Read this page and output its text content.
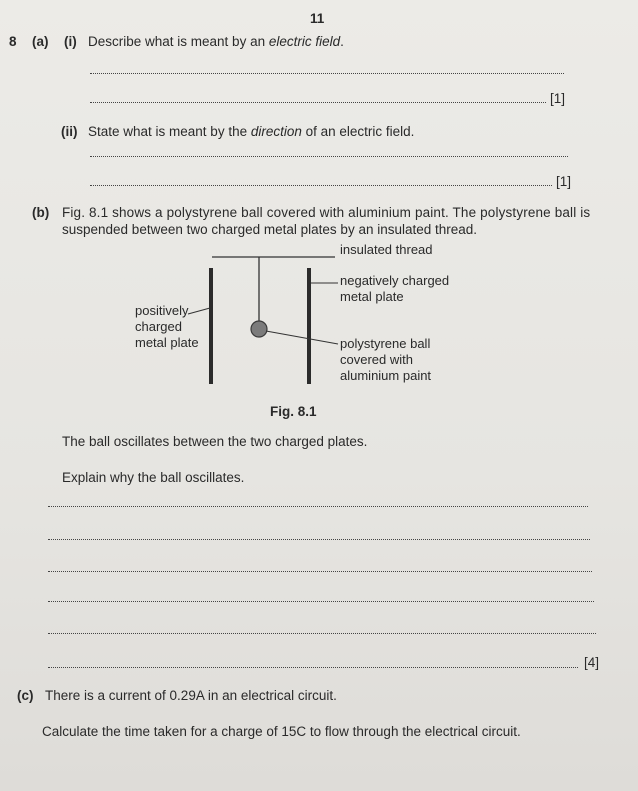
11
8 (a) (i) Describe what is meant by an electric field.
[1]
(ii) State what is meant by the direction of an electric field.
[1]
(b) Fig. 8.1 shows a polystyrene ball covered with aluminium paint. The polystyrene ball is
suspended between two charged metal plates by an insulated thread.
insulated thread
negatively charged
metal plate
positively
charged
metal plate	polystyrene ball
covered with
aluminium paint
Fig. 8.1
The ball oscillates between the two charged plates.
Explain why the ball oscillates.
[4]
(c) There is a current of 0.29A in an electrical circuit.
Calculate the time taken for a charge of 15C to flow through the electrical circuit.
